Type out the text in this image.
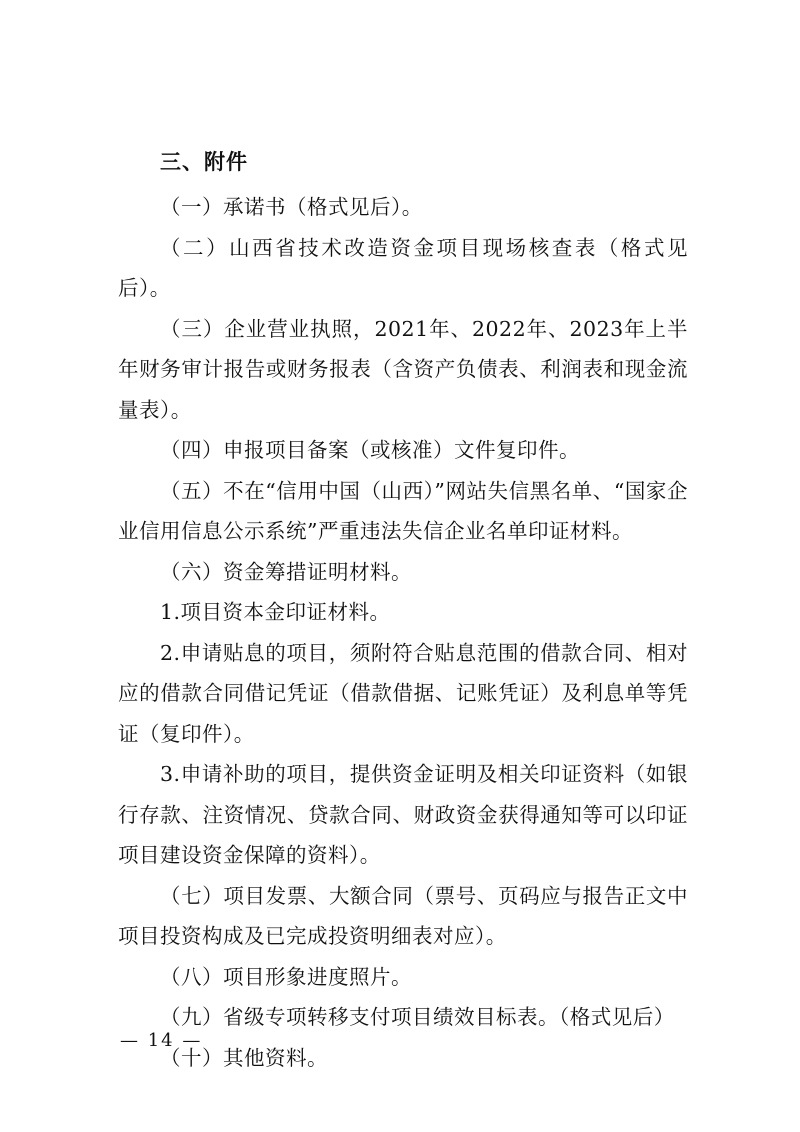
三、附件

（一）承诺书（格式见后）。

（二）山西省技术改造资金项目现场核查表（格式见后）。

（三）企业营业执照，2021年、2022年、2023年上半年财务审计报告或财务报表（含资产负债表、利润表和现金流量表）。

（四）申报项目备案（或核准）文件复印件。

（五）不在“信用中国（山西）”网站失信黑名单、“国家企业信用信息公示系统”严重违法失信企业名单印证材料。

（六）资金筹措证明材料。

1.项目资本金印证材料。

2.申请贴息的项目，须附符合贴息范围的借款合同、相对应的借款合同借记凭证（借款借据、记账凭证）及利息单等凭证（复印件）。

3.申请补助的项目，提供资金证明及相关印证资料（如银行存款、注资情况、贷款合同、财政资金获得通知等可以印证项目建设资金保障的资料）。

（七）项目发票、大额合同（票号、页码应与报告正文中项目投资构成及已完成投资明细表对应）。

（八）项目形象进度照片。

（九）省级专项转移支付项目绩效目标表。（格式见后）

（十）其他资料。

— 14 —
